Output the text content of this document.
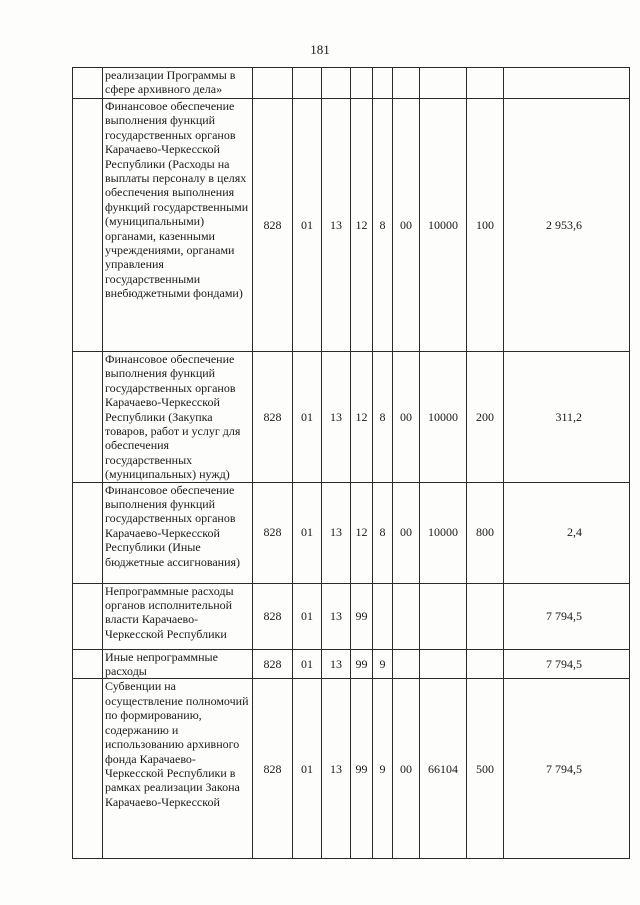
181
	реализации Программы в сфере архивного дела»									
	Финансовое обеспечение выполнения функций государственных органов Карачаево-Черкесской Республики (Расходы на выплаты персоналу в целях обеспечения выполнения функций государственными (муниципальными) органами, казенными учреждениями, органами управления государственными внебюджетными фондами)	828	01	13	12	8	00	10000	100	2 953,6
	Финансовое обеспечение выполнения функций государственных органов Карачаево-Черкесской Республики (Закупка товаров, работ и услуг для обеспечения государственных (муниципальных) нужд)	828	01	13	12	8	00	10000	200	311,2
	Финансовое обеспечение выполнения функций государственных органов Карачаево-Черкесской Республики (Иные бюджетные ассигнования)	828	01	13	12	8	00	10000	800	2,4
	Непрограммные расходы органов исполнительной власти Карачаево-Черкесской Республики	828	01	13	99					7 794,5
	Иные непрограммные расходы	828	01	13	99	9				7 794,5
	Субвенции на осуществление полномочий по формированию, содержанию и использованию архивного фонда Карачаево-Черкесской Республики в рамках реализации Закона Карачаево-Черкесской	828	01	13	99	9	00	66104	500	7 794,5
